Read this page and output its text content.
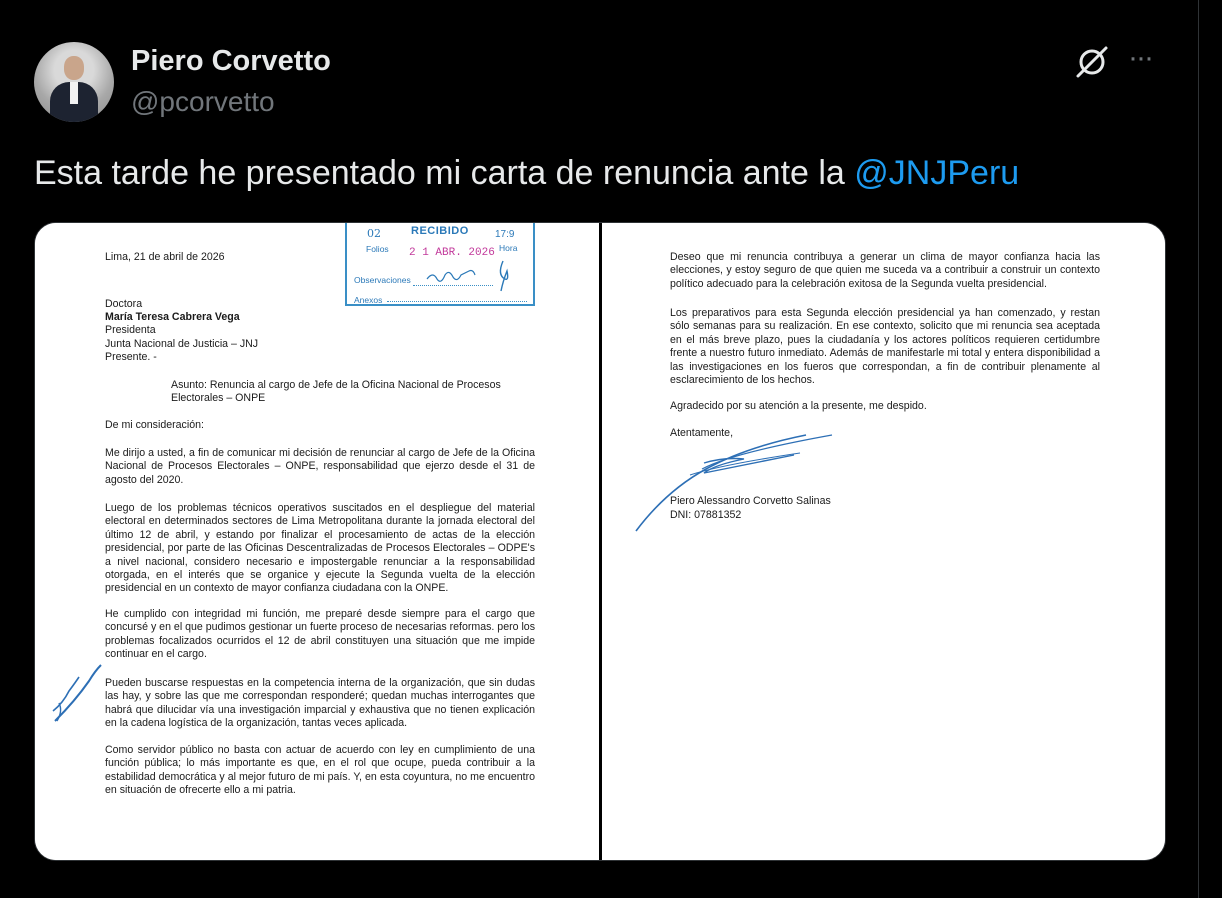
Piero Corvetto
@pcorvetto
···
Esta tarde he presentado mi carta de renuncia ante la @JNJPeru
RECIBIDO
02
Folios 2 1 ABR. 2026
17:9
Hora
Observaciones
Anexos
Lima, 21 de abril de 2026
Doctora
María Teresa Cabrera Vega
Presidenta
Junta Nacional de Justicia – JNJ
Presente. -
Asunto: Renuncia al cargo de Jefe de la Oficina Nacional de Procesos
Electorales – ONPE
De mi consideración:
Me dirijo a usted, a fin de comunicar mi decisión de renunciar al cargo de Jefe de la Oficina Nacional de Procesos Electorales – ONPE, responsabilidad que ejerzo desde el 31 de agosto del 2020.
Luego de los problemas técnicos operativos suscitados en el despliegue del material electoral en determinados sectores de Lima Metropolitana durante la jornada electoral del último 12 de abril, y estando por finalizar el procesamiento de actas de la elección presidencial, por parte de las Oficinas Descentralizadas de Procesos Electorales – ODPE's a nivel nacional, considero necesario e impostergable renunciar a la responsabilidad otorgada, en el interés que se organice y ejecute la Segunda vuelta de la elección presidencial en un contexto de mayor confianza ciudadana con la ONPE.
He cumplido con integridad mi función, me preparé desde siempre para el cargo que concursé y en el que pudimos gestionar un fuerte proceso de necesarias reformas. pero los problemas focalizados ocurridos el 12 de abril constituyen una situación que me impide continuar en el cargo.
Pueden buscarse respuestas en la competencia interna de la organización, que sin dudas las hay, y sobre las que me correspondan responderé; quedan muchas interrogantes que habrá que dilucidar vía una investigación imparcial y exhaustiva que no tienen explicación en la cadena logística de la organización, tantas veces aplicada.
Como servidor público no basta con actuar de acuerdo con ley en cumplimiento de una función pública; lo más importante es que, en el rol que ocupe, pueda contribuir a la estabilidad democrática y al mejor futuro de mi país. Y, en esta coyuntura, no me encuentro en situación de ofrecerte ello a mi patria.
Deseo que mi renuncia contribuya a generar un clima de mayor confianza hacia las elecciones, y estoy seguro de que quien me suceda va a contribuir a construir un contexto político adecuado para la celebración exitosa de la Segunda vuelta presidencial.
Los preparativos para esta Segunda elección presidencial ya han comenzado, y restan sólo semanas para su realización. En ese contexto, solicito que mi renuncia sea aceptada en el más breve plazo, pues la ciudadanía y los actores políticos requieren certidumbre frente a nuestro futuro inmediato. Además de manifestarle mi total y entera disponibilidad a las investigaciones en los fueros que correspondan, a fin de contribuir plenamente al esclarecimiento de los hechos.
Agradecido por su atención a la presente, me despido.
Atentamente,
Piero Alessandro Corvetto Salinas
DNI: 07881352
